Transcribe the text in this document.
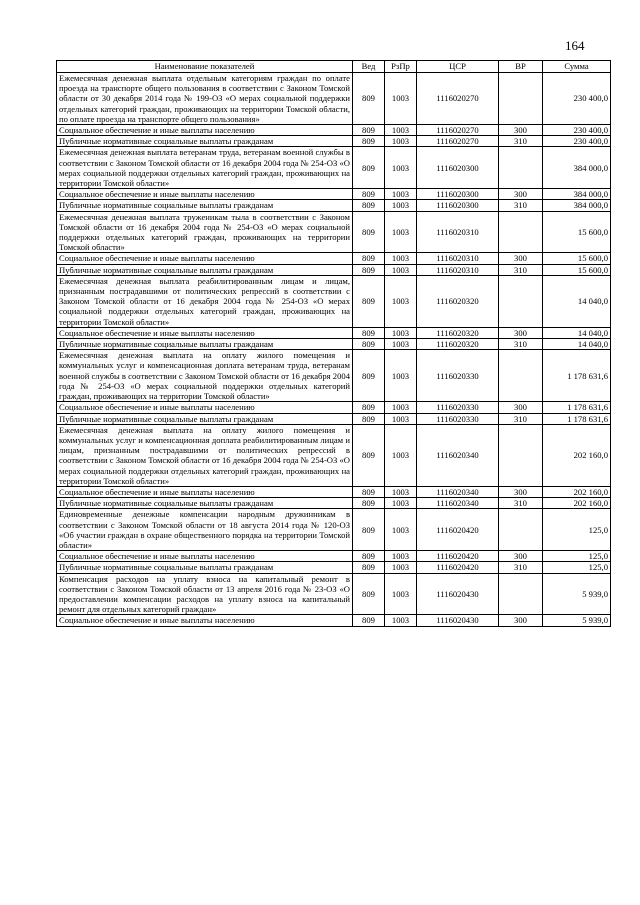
164
Наименование показателей	Вед	РзПр	ЦСР	ВР	Сумма
Ежемесячная денежная выплата отдельным категориям граждан по оплате проезда на транспорте общего пользования в соответствии с Законом Томской области от 30 декабря 2014 года № 199-ОЗ «О мерах социальной поддержки отдельных категорий граждан, проживающих на территории Томской области, по оплате проезда на транспорте общего пользования»	809	1003	1116020270		230 400,0
Социальное обеспечение и иные выплаты населению	809	1003	1116020270	300	230 400,0
Публичные нормативные социальные выплаты гражданам	809	1003	1116020270	310	230 400,0
Ежемесячная денежная выплата ветеранам труда, ветеранам военной службы в соответствии с Законом Томской области от 16 декабря 2004 года № 254-ОЗ «О мерах социальной поддержки отдельных категорий граждан, проживающих на территории Томской области»	809	1003	1116020300		384 000,0
Социальное обеспечение и иные выплаты населению	809	1003	1116020300	300	384 000,0
Публичные нормативные социальные выплаты гражданам	809	1003	1116020300	310	384 000,0
Ежемесячная денежная выплата труженикам тыла в соответствии с Законом Томской области от 16 декабря 2004 года № 254-ОЗ «О мерах социальной поддержки отдельных категорий граждан, проживающих на территории Томской области»	809	1003	1116020310		15 600,0
Социальное обеспечение и иные выплаты населению	809	1003	1116020310	300	15 600,0
Публичные нормативные социальные выплаты гражданам	809	1003	1116020310	310	15 600,0
Ежемесячная денежная выплата реабилитированным лицам и лицам, признанным пострадавшими от политических репрессий в соответствии с Законом Томской области от 16 декабря 2004 года № 254-ОЗ «О мерах социальной поддержки отдельных категорий граждан, проживающих на территории Томской области»	809	1003	1116020320		14 040,0
Социальное обеспечение и иные выплаты населению	809	1003	1116020320	300	14 040,0
Публичные нормативные социальные выплаты гражданам	809	1003	1116020320	310	14 040,0
Ежемесячная денежная выплата на оплату жилого помещения и коммунальных услуг и компенсационная доплата ветеранам труда, ветеранам военной службы в соответствии с Законом Томской области от 16 декабря 2004 года № 254-ОЗ «О мерах социальной поддержки отдельных категорий граждан, проживающих на территории Томской области»	809	1003	1116020330		1 178 631,6
Социальное обеспечение и иные выплаты населению	809	1003	1116020330	300	1 178 631,6
Публичные нормативные социальные выплаты гражданам	809	1003	1116020330	310	1 178 631,6
Ежемесячная денежная выплата на оплату жилого помещения и коммунальных услуг и компенсационная доплата реабилитированным лицам и лицам, признанным пострадавшими от политических репрессий в соответствии с Законом Томской области от 16 декабря 2004 года № 254-ОЗ «О мерах социальной поддержки отдельных категорий граждан, проживающих на территории Томской области»	809	1003	1116020340		202 160,0
Социальное обеспечение и иные выплаты населению	809	1003	1116020340	300	202 160,0
Публичные нормативные социальные выплаты гражданам	809	1003	1116020340	310	202 160,0
Единовременные денежные компенсации народным дружинникам в соответствии с Законом Томской области от 18 августа 2014 года № 120-ОЗ «Об участии граждан в охране общественного порядка на территории Томской области»	809	1003	1116020420		125,0
Социальное обеспечение и иные выплаты населению	809	1003	1116020420	300	125,0
Публичные нормативные социальные выплаты гражданам	809	1003	1116020420	310	125,0
Компенсация расходов на уплату взноса на капитальный ремонт в соответствии с Законом Томской области от 13 апреля 2016 года № 23-ОЗ «О предоставлении компенсации расходов на уплату взноса на капитальный ремонт для отдельных категорий граждан»	809	1003	1116020430		5 939,0
Социальное обеспечение и иные выплаты населению	809	1003	1116020430	300	5 939,0
